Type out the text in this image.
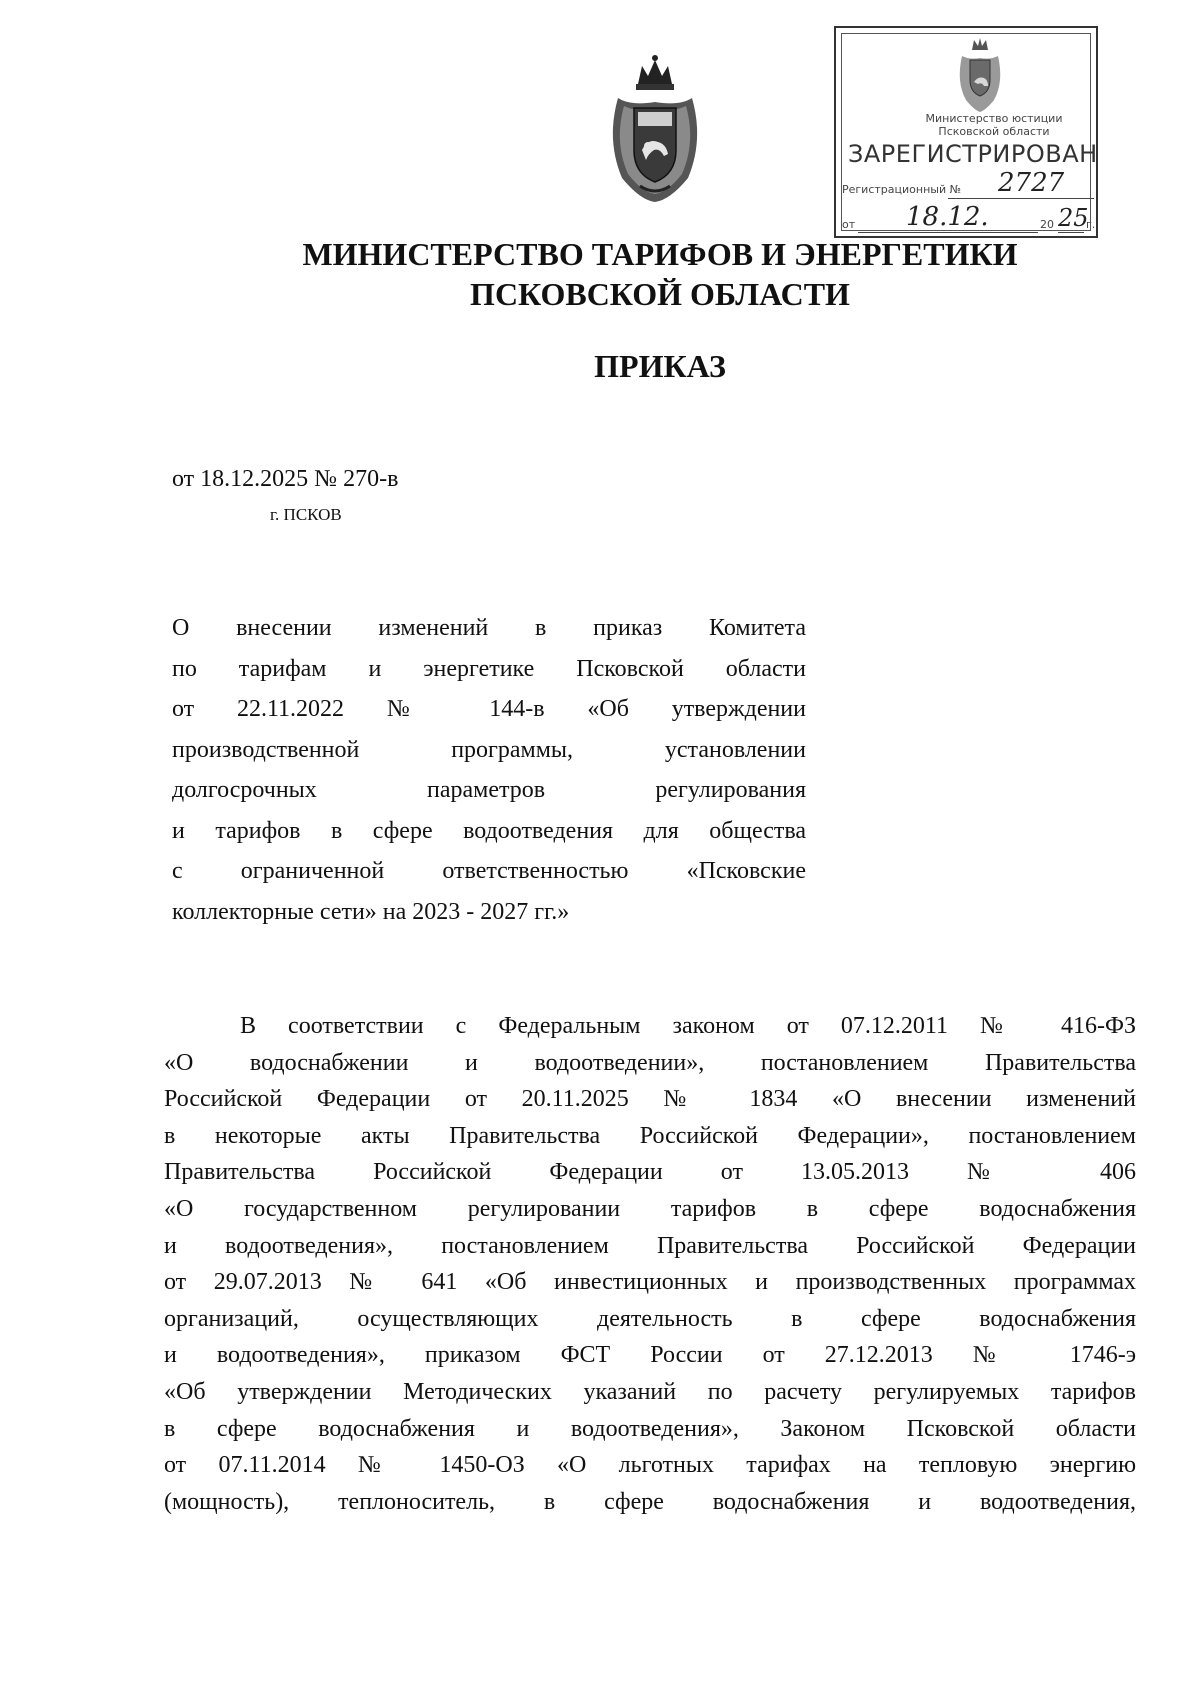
Министерство юстиции
Псковской области
ЗАРЕГИСТРИРОВАН
Регистрационный № 2727
от 18.12.	20 25
г.
МИНИСТЕРСТВО ТАРИФОВ И ЭНЕРГЕТИКИ
ПСКОВСКОЙ ОБЛАСТИ
ПРИКАЗ
от 18.12.2025 № 270-в
г. ПСКОВ
О внесении изменений в приказ Комитета
по тарифам и энергетике Псковской области
от 22.11.2022 № 144-в «Об утверждении
производственной программы, установлении
долгосрочных параметров регулирования
и тарифов в сфере водоотведения для общества
с ограниченной ответственностью «Псковские
коллекторные сети» на 2023 - 2027 гг.»
В соответствии с Федеральным законом от 07.12.2011 № 416-ФЗ
«О водоснабжении и водоотведении», постановлением Правительства
Российской Федерации от 20.11.2025 № 1834 «О внесении изменений
в некоторые акты Правительства Российской Федерации», постановлением
Правительства Российской Федерации от 13.05.2013 № 406
«О государственном регулировании тарифов в сфере водоснабжения
и водоотведения», постановлением Правительства Российской Федерации
от 29.07.2013 № 641 «Об инвестиционных и производственных программах
организаций, осуществляющих деятельность в сфере водоснабжения
и водоотведения», приказом ФСТ России от 27.12.2013 № 1746-э
«Об утверждении Методических указаний по расчету регулируемых тарифов
в сфере водоснабжения и водоотведения», Законом Псковской области
от 07.11.2014 № 1450-ОЗ «О льготных тарифах на тепловую энергию
(мощность), теплоноситель, в сфере водоснабжения и водоотведения,
